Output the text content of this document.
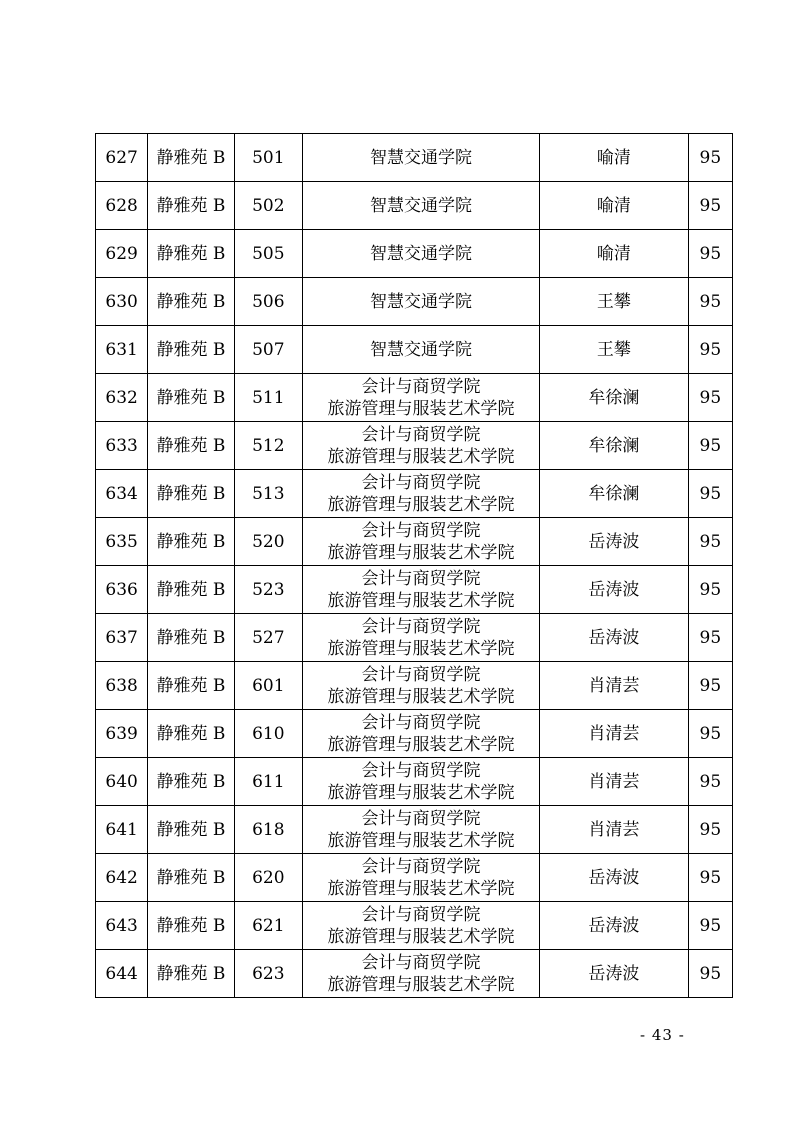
627	静雅苑 B	501	智慧交通学院	喻清	95
628	静雅苑 B	502	智慧交通学院	喻清	95
629	静雅苑 B	505	智慧交通学院	喻清	95
630	静雅苑 B	506	智慧交通学院	王攀	95
631	静雅苑 B	507	智慧交通学院	王攀	95
632	静雅苑 B	511	会计与商贸学院
旅游管理与服装艺术学院	牟徐澜	95
633	静雅苑 B	512	会计与商贸学院
旅游管理与服装艺术学院	牟徐澜	95
634	静雅苑 B	513	会计与商贸学院
旅游管理与服装艺术学院	牟徐澜	95
635	静雅苑 B	520	会计与商贸学院
旅游管理与服装艺术学院	岳涛波	95
636	静雅苑 B	523	会计与商贸学院
旅游管理与服装艺术学院	岳涛波	95
637	静雅苑 B	527	会计与商贸学院
旅游管理与服装艺术学院	岳涛波	95
638	静雅苑 B	601	会计与商贸学院
旅游管理与服装艺术学院	肖清芸	95
639	静雅苑 B	610	会计与商贸学院
旅游管理与服装艺术学院	肖清芸	95
640	静雅苑 B	611	会计与商贸学院
旅游管理与服装艺术学院	肖清芸	95
641	静雅苑 B	618	会计与商贸学院
旅游管理与服装艺术学院	肖清芸	95
642	静雅苑 B	620	会计与商贸学院
旅游管理与服装艺术学院	岳涛波	95
643	静雅苑 B	621	会计与商贸学院
旅游管理与服装艺术学院	岳涛波	95
644	静雅苑 B	623	会计与商贸学院
旅游管理与服装艺术学院	岳涛波	95
- 43 -
